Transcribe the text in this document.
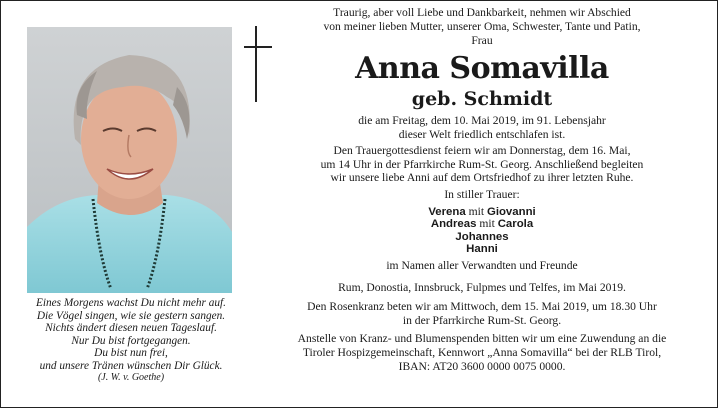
Eines Morgens wachst Du nicht mehr auf.
Die Vögel singen, wie sie gestern sangen.
Nichts ändert diesen neuen Tageslauf.
Nur Du bist fortgegangen.
Du bist nun frei,
und unsere Tränen wünschen Dir Glück.
(J. W. v. Goethe)
Traurig, aber voll Liebe und Dankbarkeit, nehmen wir Abschied
von meiner lieben Mutter, unserer Oma, Schwester, Tante und Patin,
Frau
Anna Somavilla
geb. Schmidt
die am Freitag, dem 10. Mai 2019, im 91. Lebensjahr
dieser Welt friedlich entschlafen ist.
Den Trauergottesdienst feiern wir am Donnerstag, dem 16. Mai,
um 14 Uhr in der Pfarrkirche Rum-St. Georg. Anschließend begleiten
wir unsere liebe Anni auf dem Ortsfriedhof zu ihrer letzten Ruhe.
In stiller Trauer:
Verena mit Giovanni
Andreas mit Carola
Johannes
Hanni
im Namen aller Verwandten und Freunde
Rum, Donostia, Innsbruck, Fulpmes und Telfes, im Mai 2019.
Den Rosenkranz beten wir am Mittwoch, dem 15. Mai 2019, um 18.30 Uhr
in der Pfarrkirche Rum-St. Georg.
Anstelle von Kranz- und Blumenspenden bitten wir um eine Zuwendung an die
Tiroler Hospizgemeinschaft, Kennwort „Anna Somavilla“ bei der RLB Tirol,
IBAN: AT20 3600 0000 0075 0000.
